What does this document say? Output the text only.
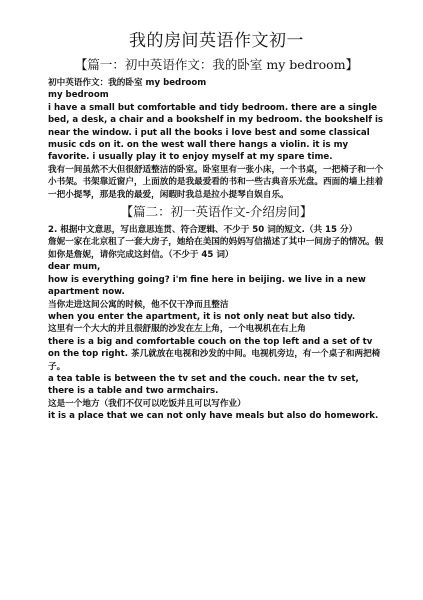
我的房间英语作文初一
【篇一：初中英语作文：我的卧室 my bedroom】
初中英语作文：我的卧室 my bedroom
my bedroom
i have a small but comfortable and tidy bedroom. there are a single bed, a desk, a chair and a bookshelf in my bedroom. the bookshelf is near the window. i put all the books i love best and some classical music cds on it. on the west wall there hangs a violin. it is my favorite. i usually play it to enjoy myself at my spare time.
我有一间虽然不大但很舒适整洁的卧室。卧室里有一张小床，一个书桌，一把椅子和一个小书架。书架靠近窗户，上面放的是我最爱看的书和一些古典音乐光盘。西面的墙上挂着一把小提琴，那是我的最爱，闲暇时我总是拉小提琴自娱自乐。
【篇二：初一英语作文-介绍房间】
2. 根据中文意思，写出意思连贯、符合逻辑、不少于 50 词的短文.（共 15 分）
詹妮一家在北京租了一套大房子，她给在美国的妈妈写信描述了其中一间房子的情况。假如你是詹妮，请你完成这封信。（不少于 45 词）
dear mum,
how is everything going? i'm fine here in beijing. we live in a new apartment now.
当你走进这间公寓的时候，他不仅干净而且整洁
when you enter the apartment, it is not only neat but also tidy.
这里有一个大大的并且很舒服的沙发在左上角，一个电视机在右上角
there is a big and comfortable couch on the top left and a set of tv on the top right. 茶几就放在电视和沙发的中间。电视机旁边，有一个桌子和两把椅子。
a tea table is between the tv set and the couch. near the tv set, there is a table and two armchairs.
这是一个地方（我们不仅可以吃饭并且可以写作业）
it is a place that we can not only have meals but also do homework.
